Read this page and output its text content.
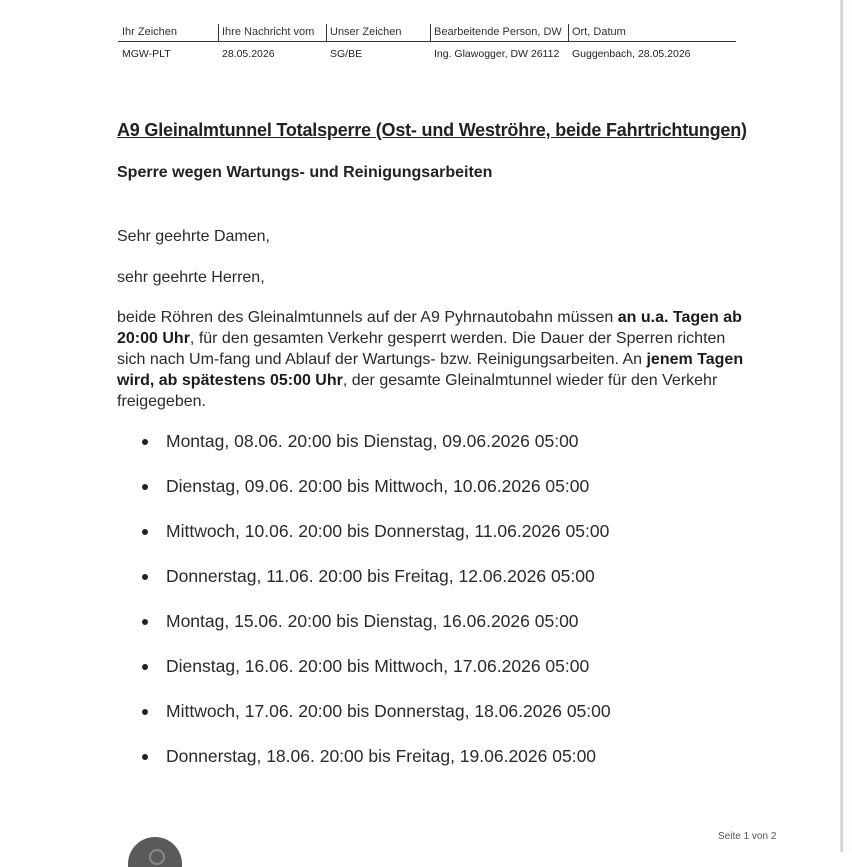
Ihr Zeichen
MGW-PLT
Ihre Nachricht vom
28.05.2026
Unser Zeichen
SG/BE
Bearbeitende Person, DW
Ing. Glawogger, DW 26112
Ort, Datum
Guggenbach, 28.05.2026
A9 Gleinalmtunnel Totalsperre (Ost- und Weströhre, beide Fahrtrichtungen)
Sperre wegen Wartungs- und Reinigungsarbeiten
Sehr geehrte Damen,
sehr geehrte Herren,
beide Röhren des Gleinalmtunnels auf der A9 Pyhrnautobahn müssen an u.a. Tagen ab 20:00 Uhr, für den gesamten Verkehr gesperrt werden. Die Dauer der Sperren richten sich nach Um-fang und Ablauf der Wartungs- bzw. Reinigungsarbeiten. An jenem Tagen wird, ab spätestens 05:00 Uhr, der gesamte Gleinalmtunnel wieder für den Verkehr freigegeben.
Montag, 08.06. 20:00 bis Dienstag, 09.06.2026 05:00
Dienstag, 09.06. 20:00 bis Mittwoch, 10.06.2026 05:00
Mittwoch, 10.06. 20:00 bis Donnerstag, 11.06.2026 05:00
Donnerstag, 11.06. 20:00 bis Freitag, 12.06.2026 05:00
Montag, 15.06. 20:00 bis Dienstag, 16.06.2026 05:00
Dienstag, 16.06. 20:00 bis Mittwoch, 17.06.2026 05:00
Mittwoch, 17.06. 20:00 bis Donnerstag, 18.06.2026 05:00
Donnerstag, 18.06. 20:00 bis Freitag, 19.06.2026 05:00
Seite 1 von 2
